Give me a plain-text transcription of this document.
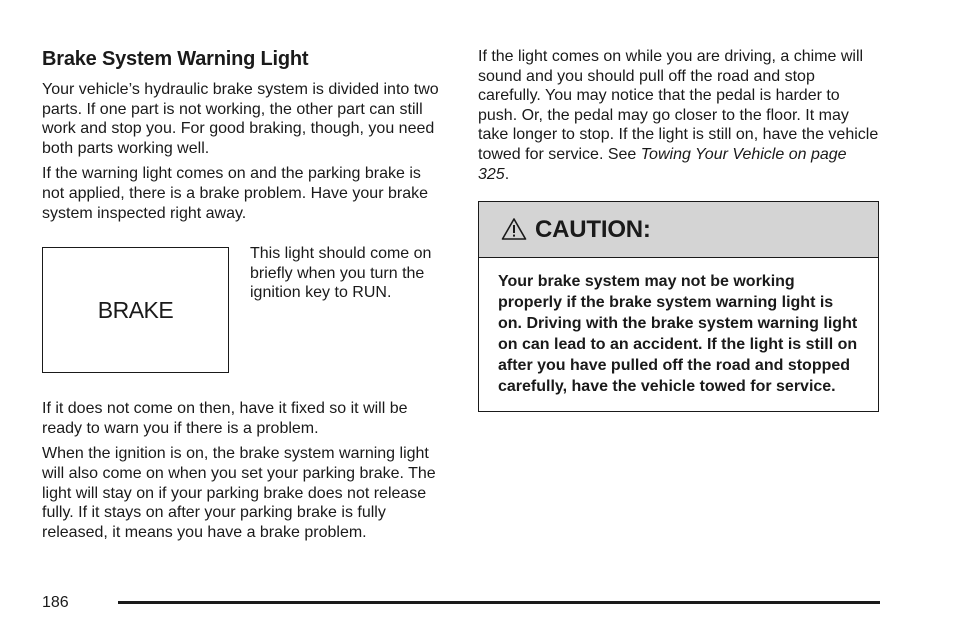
Brake System Warning Light

Your vehicle’s hydraulic brake system is divided into two parts. If one part is not working, the other part can still work and stop you. For good braking, though, you need both parts working well.

If the warning light comes on and the parking brake is not applied, there is a brake problem. Have your brake system inspected right away.

BRAKE

This light should come on briefly when you turn the ignition key to RUN.

If it does not come on then, have it fixed so it will be ready to warn you if there is a problem.

When the ignition is on, the brake system warning light will also come on when you set your parking brake. The light will stay on if your parking brake does not release fully. If it stays on after your parking brake is fully released, it means you have a brake problem.

If the light comes on while you are driving, a chime will sound and you should pull off the road and stop carefully. You may notice that the pedal is harder to push. Or, the pedal may go closer to the floor. It may take longer to stop. If the light is still on, have the vehicle towed for service. See Towing Your Vehicle on page 325.

CAUTION:

Your brake system may not be working properly if the brake system warning light is on. Driving with the brake system warning light on can lead to an accident. If the light is still on after you have pulled off the road and stopped carefully, have the vehicle towed for service.

186
